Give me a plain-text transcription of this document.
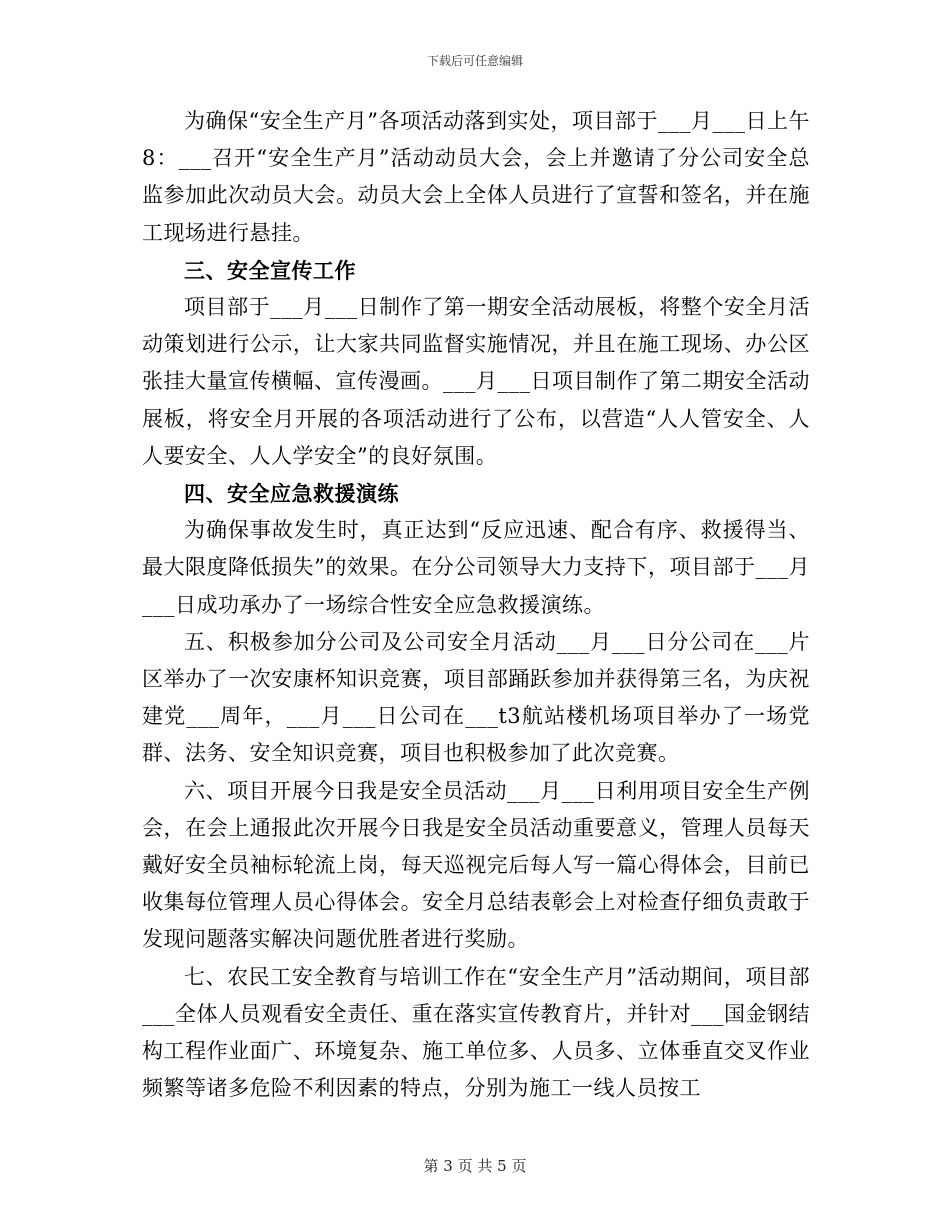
下载后可任意编辑

为确保“安全生产月”各项活动落到实处，项目部于___月___日上午8：___召开“安全生产月”活动动员大会，会上并邀请了分公司安全总监参加此次动员大会。动员大会上全体人员进行了宣誓和签名，并在施工现场进行悬挂。

三、安全宣传工作

项目部于___月___日制作了第一期安全活动展板，将整个安全月活动策划进行公示，让大家共同监督实施情况，并且在施工现场、办公区张挂大量宣传横幅、宣传漫画。___月___日项目制作了第二期安全活动展板，将安全月开展的各项活动进行了公布，以营造“人人管安全、人人要安全、人人学安全”的良好氛围。

四、安全应急救援演练

为确保事故发生时，真正达到“反应迅速、配合有序、救援得当、最大限度降低损失”的效果。在分公司领导大力支持下，项目部于___月___日成功承办了一场综合性安全应急救援演练。

五、积极参加分公司及公司安全月活动___月___日分公司在___片区举办了一次安康杯知识竞赛，项目部踊跃参加并获得第三名，为庆祝建党___周年，___月___日公司在___t3航站楼机场项目举办了一场党群、法务、安全知识竞赛，项目也积极参加了此次竞赛。

六、项目开展今日我是安全员活动___月___日利用项目安全生产例会，在会上通报此次开展今日我是安全员活动重要意义，管理人员每天戴好安全员袖标轮流上岗，每天巡视完后每人写一篇心得体会，目前已收集每位管理人员心得体会。安全月总结表彰会上对检查仔细负责敢于发现问题落实解决问题优胜者进行奖励。

七、农民工安全教育与培训工作在“安全生产月”活动期间，项目部___全体人员观看安全责任、重在落实宣传教育片，并针对___国金钢结构工程作业面广、环境复杂、施工单位多、人员多、立体垂直交叉作业频繁等诸多危险不利因素的特点，分别为施工一线人员按工

第 3 页 共 5 页
